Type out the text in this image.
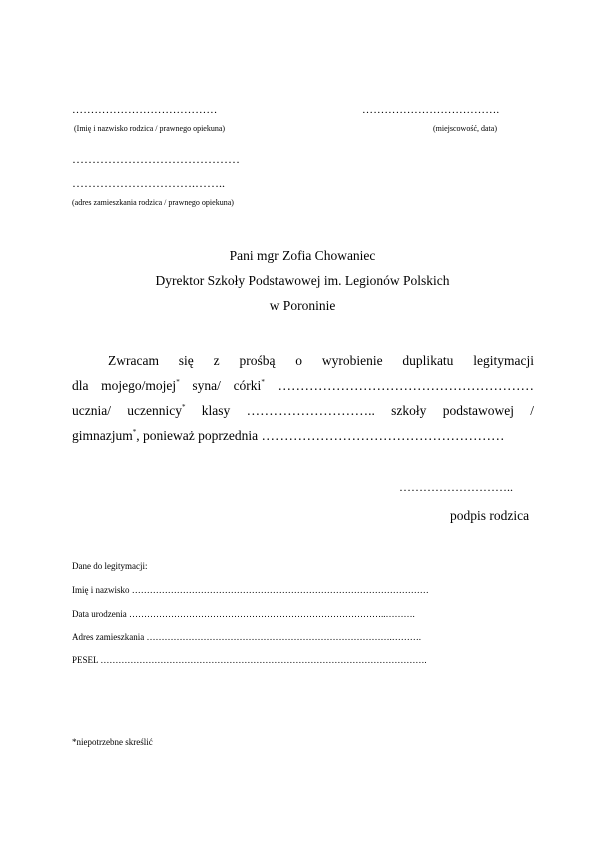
…………………………………
(Imię i nazwisko rodzica / prawnego opiekuna)
……………………………….
(miejscowość, data)
……………………………………
………………………….……..
(adres zamieszkania rodzica / prawnego opiekuna)
Pani mgr Zofia Chowaniec
Dyrektor Szkoły Podstawowej im. Legionów Polskich
w Poroninie
Zwracam się z prośbą o wyrobienie duplikatu legitymacji
dla mojego/mojej* syna/ córki* …………………………………………………
ucznia/ uczennicy* klasy ……………………….. szkoły podstawowej /
gimnazjum*, ponieważ poprzednia ………………………………………………
………………………..
podpis rodzica
Dane do legitymacji:
Imię i nazwisko ………………………………………………………………………………………
Data urodzenia …………………………………………………………………………..……….
Adres zamieszkania ……………………………………………………………………….……….
PESEL ……………………………………………………………………………………………….
*niepotrzebne skreślić
